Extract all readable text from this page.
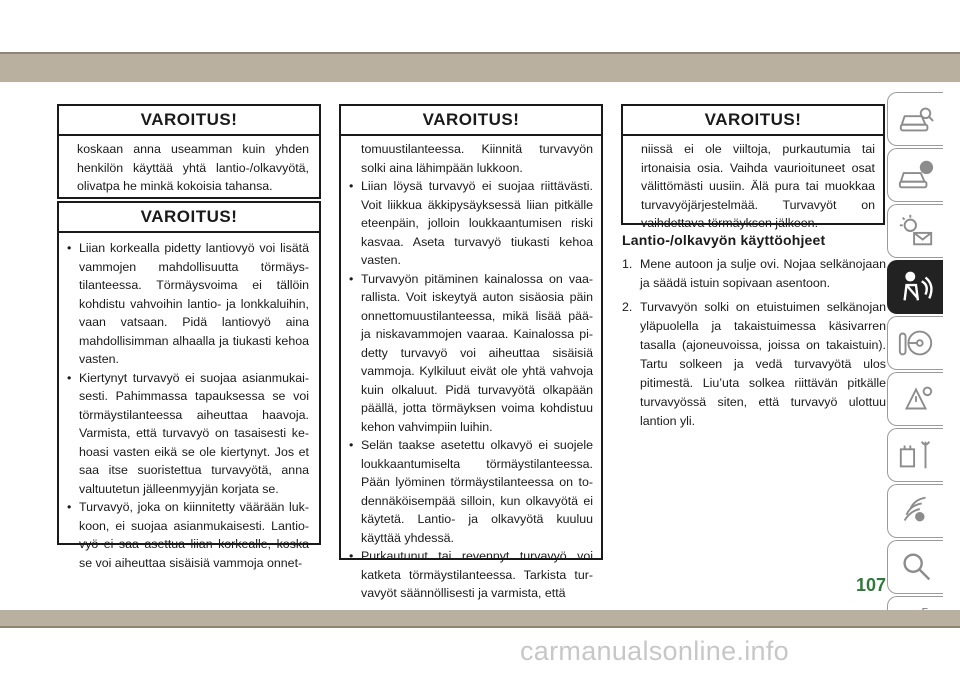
VAROITUS!

koskaan anna useamman kuin yhden henkilön käyttää yhtä lantio-/olkavyötä, olivatpa he minkä kokoisia tahansa.

VAROITUS!
• Liian korkealla pidetty lantiovyö voi lisätä vammojen mahdollisuutta törmäystilanteessa. Törmäysvoima ei tällöin kohdistu vahvoihin lantio- ja lonkkaluihin, vaan vatsaan. Pidä lantiovyö aina mahdollisimman alhaalla ja tiukasti kehoa vasten.
• Kiertynyt turvavyö ei suojaa asianmukaisesti. Pahimmassa tapauksessa se voi törmäystilanteessa aiheuttaa haavoja. Varmista, että turvavyö on tasaisesti kehoasi vasten eikä se ole kiertynyt. Jos et saa itse suoristettua turvavyötä, anna valtuutetun jälleenmyyjän korjata se.
• Turvavyö, joka on kiinnitetty väärään lukkoon, ei suojaa asianmukaisesti. Lantiovyö ei saa asettua liian korkealle, koska se voi aiheuttaa sisäisiä vammoja onnet-
VAROITUS!

tomuustilanteessa. Kiinnitä turvavyön solki aina lähimpään lukkoon.

• Liian löysä turvavyö ei suojaa riittävästi. Voit liikkua äkkipysäyksessä liian pitkälle eteenpäin, jolloin loukkaantumisen riski kasvaa. Aseta turvavyö tiukasti kehoa vasten.
• Turvavyön pitäminen kainalossa on vaarallista. Voit iskeytyä auton sisäosia päin onnettomuustilanteessa, mikä lisää pää- ja niskavammojen vaaraa. Kainalossa pidetty turvavyö voi aiheuttaa sisäisiä vammoja. Kylkiluut eivät ole yhtä vahvoja kuin olkaluut. Pidä turvavyötä olkapään päällä, jotta törmäyksen voima kohdistuu kehon vahvimpiin luihin.
• Selän taakse asetettu olkavyö ei suojele loukkaantumiselta törmäystilanteessa. Pään lyöminen törmäystilanteessa on todennäköisempää silloin, kun olkavyötä ei käytetä. Lantio- ja olkavyötä kuuluu käyttää yhdessä.
• Purkautunut tai revennyt turvavyö voi katketa törmäystilanteessa. Tarkista turvavyöt säännöllisesti ja varmista, että
VAROITUS!

niissä ei ole viiltoja, purkautumia tai irtonaisia osia. Vaihda vaurioituneet osat välittömästi uusiin. Älä pura tai muokkaa turvavyöjärjestelmää. Turvavyöt on vaihdettava törmäyksen jälkeen.

Lantio-/olkavyön käyttöohjeet
1. Mene autoon ja sulje ovi. Nojaa selkänojaan ja säädä istuin sopivaan asentoon.
2. Turvavyön solki on etuistuimen selkänojan yläpuolella ja takaistuimessa käsivarren tasalla (ajoneuvoissa, joissa on takaistuin). Tartu solkeen ja vedä turvavyötä ulos pitimestä. Liu’uta solkea riittävän pitkälle turvavyössä siten, että turvavyö ulottuu lantion yli.
107
carmanualsonline.info
